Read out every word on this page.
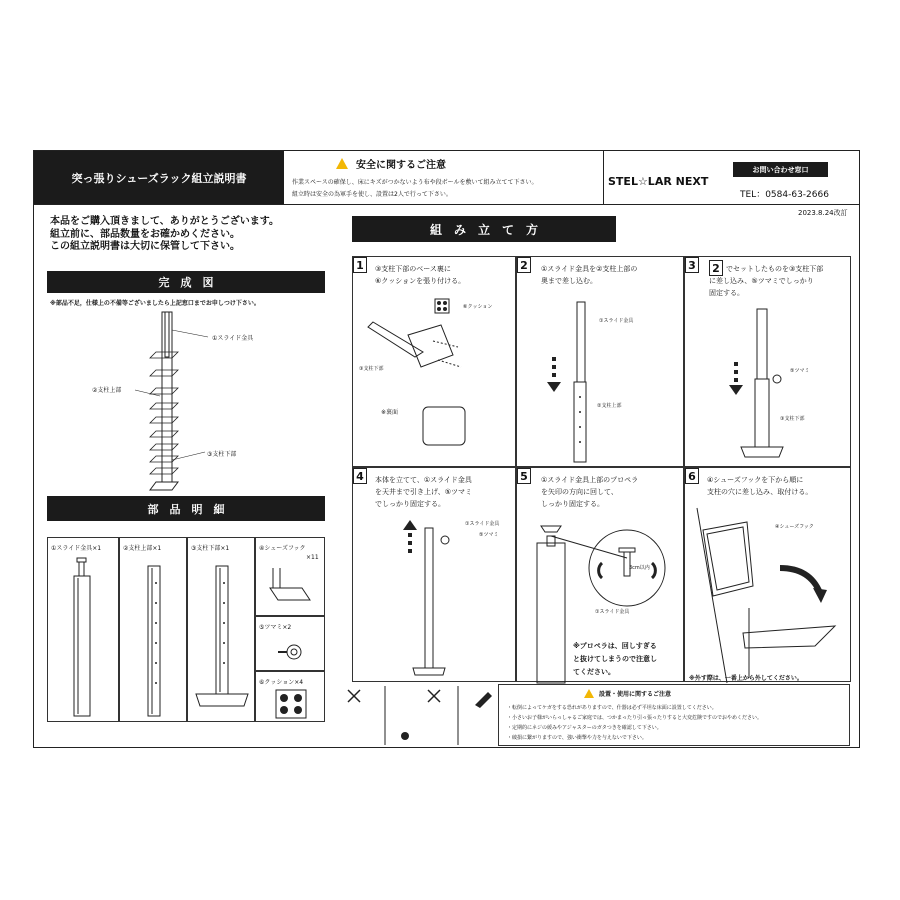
突っ張りシューズラック組立説明書
安全に関するご注意
作業スペースの確保し、床にキズがつかないよう布や段ボールを敷いて組み立てて下さい。
組立時は安全の為軍手を使し、設置は2人で行って下さい。
STEL☆LAR NEXT
お問い合わせ窓口
TEL：0584-63-2666
2023.8.24改訂
本品をご購入頂きまして、ありがとうございます。
組立前に、部品数量をお確かめください。
この組立説明書は大切に保管して下さい。
完　成　図
※部品不足，仕様上の不備等ございましたら上記窓口までお申しつけ下さい。
①スライド金具
②支柱上部
③支柱下部
部　品　明　細
①スライド金具×1	②支柱上部×1	③支柱下部×1	④シューズフック
×11
⑤ツマミ×2
⑥クッション×4
組　み　立　て　方
1	③支柱下部のベース裏に
⑥クッションを張り付ける。
⑥クッション
③支柱下部
※裏面
2	①スライド金具を②支柱上部の
奥まで差し込む。
①スライド金具
②支柱上部
3 2 でセットしたものを③支柱下部
に差し込み、⑤ツマミでしっかり
固定する。
⑤ツマミ
③支柱下部
4	本体を立てて、①スライド金具
を天井まで引き上げ、⑤ツマミ
でしっかり固定する。
①スライド金具
⑤ツマミ
5	①スライド金具上部のプロペラ
を矢印の方向に回して、
しっかり固定する。
3cm以内
①スライド金具
※プロペラは、回しすぎる
と抜けてしまうので注意し
てください。
6	④シューズフックを下から順に
支柱の穴に差し込み、取付ける。
④シューズフック
※外す際は、一番上から外してください。
設置・使用に関するご注意
・転倒によってケガをする恐れがありますので、什器は必ず平坦な床面に設置してください。
・小さいお子様がいらっしゃるご家庭では、つかまったり引っ張ったりすると大変危険ですのでおやめください。
・定期的にネジの緩みやアジャスターのガタつきを確認して下さい。
・破損に繋がりますので、強い衝撃や力を与えないで下さい。
